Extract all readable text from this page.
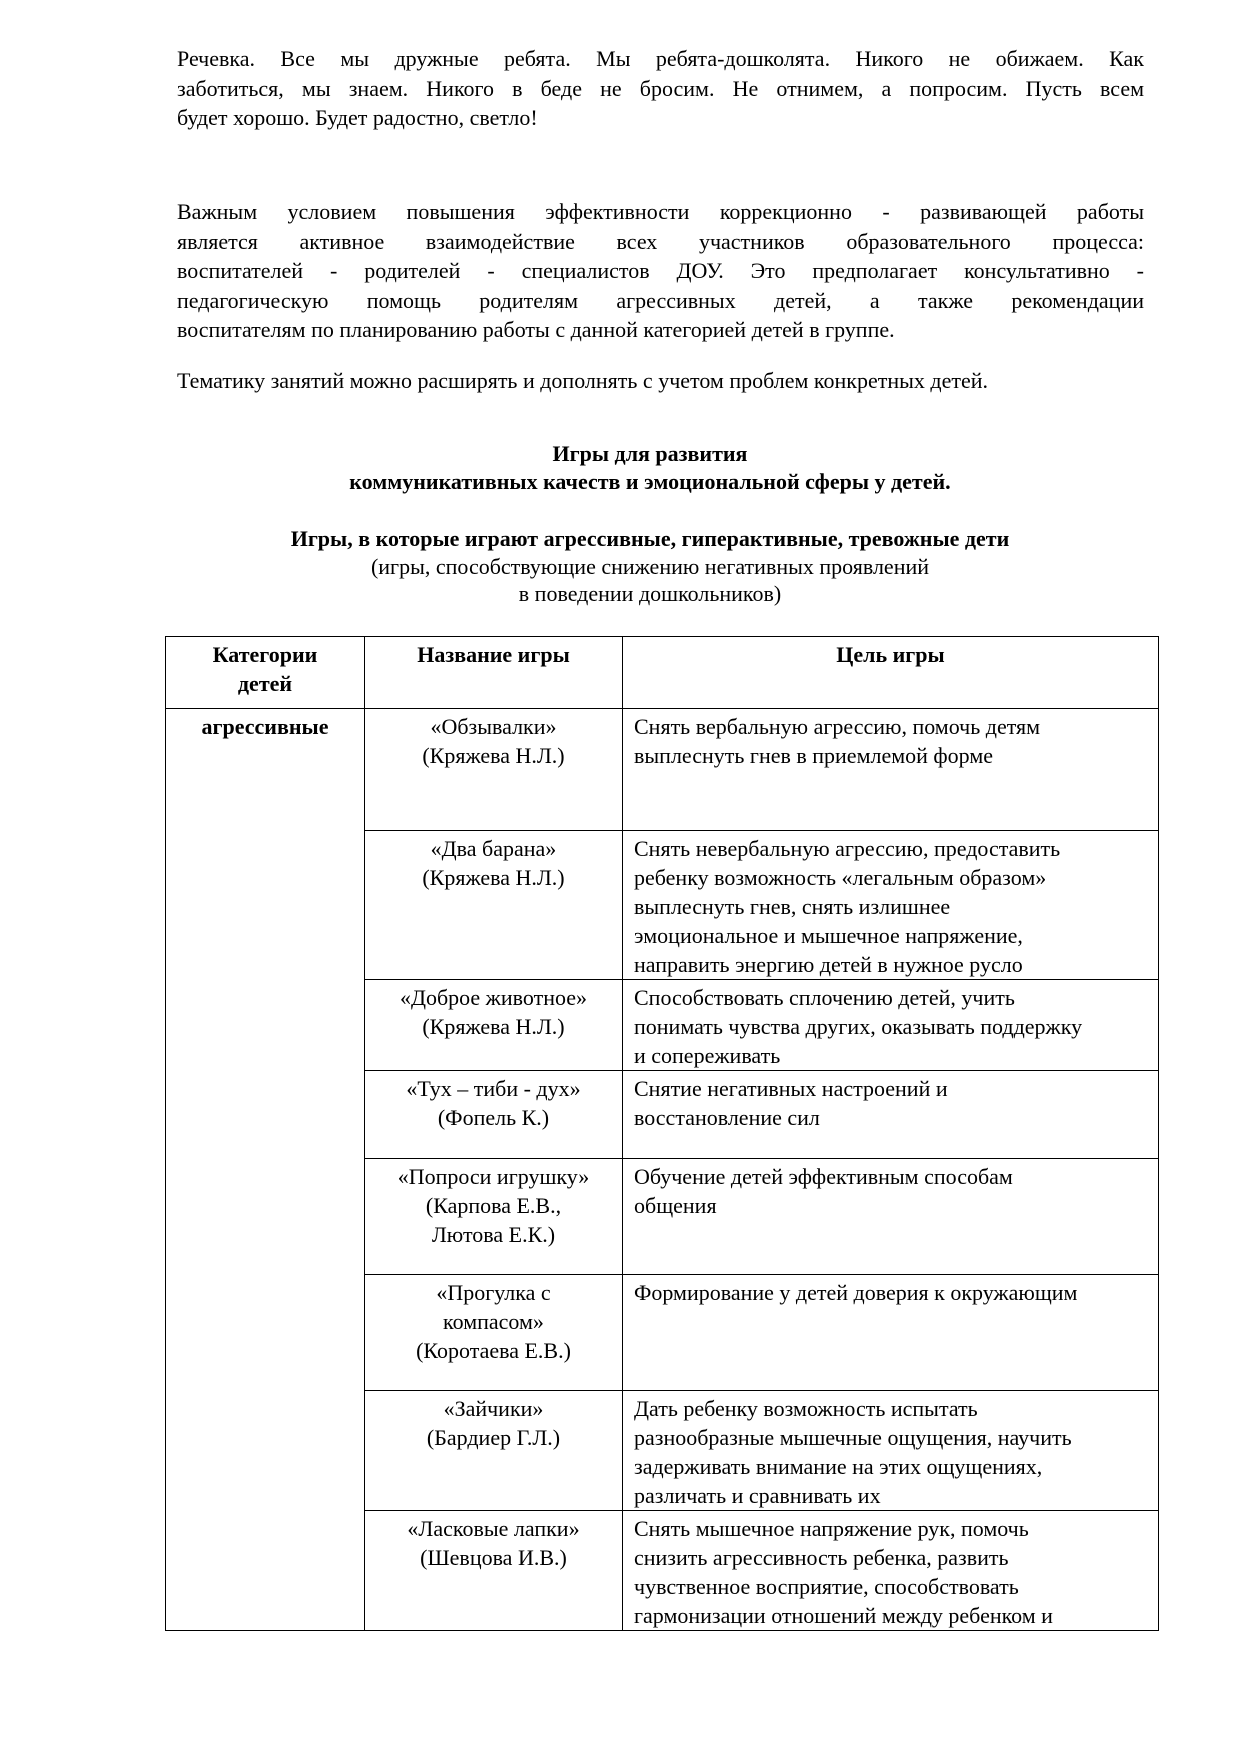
Речевка. Все мы дружные ребята. Мы ребята-дошколята. Никого не обижаем. Как
заботиться, мы знаем. Никого в беде не бросим. Не отнимем, а попросим. Пусть всем
будет хорошо. Будет радостно, светло!

Важным условием повышения эффективности коррекционно - развивающей работы
является активное взаимодействие всех участников образовательного процесса:
воспитателей - родителей - специалистов ДОУ. Это предполагает консультативно -
педагогическую помощь родителям агрессивных детей, а также рекомендации
воспитателям по планированию работы с данной категорией детей в группе.

Тематику занятий можно расширять и дополнять с учетом проблем конкретных детей.

Игры для развития
коммуникативных качеств и эмоциональной сферы у детей.
Игры, в которые играют агрессивные, гиперактивные, тревожные дети
(игры, способствующие снижению негативных проявлений
в поведении дошкольников)
Категории
детей	Название игры	Цель игры
агрессивные	«Обзывалки»
(Кряжева Н.Л.)	Снять вербальную агрессию, помочь детям
выплеснуть гнев в приемлемой форме

	«Два барана»
(Кряжева Н.Л.)	Снять невербальную агрессию, предоставить
ребенку возможность «легальным образом»
выплеснуть гнев, снять излишнее
эмоциональное и мышечное напряжение,
направить энергию детей в нужное русло

	«Доброе животное»
(Кряжева Н.Л.)	Способствовать сплочению детей, учить
понимать чувства других, оказывать поддержку
и сопереживать

	«Тух – тиби - дух»
(Фопель К.)	Снятие негативных настроений и
восстановление сил

	«Попроси игрушку»
(Карпова Е.В.,
Лютова Е.К.)	Обучение детей эффективным способам
общения

	«Прогулка с
компасом»
(Коротаева Е.В.)	Формирование у детей доверия к окружающим

	«Зайчики»
(Бардиер Г.Л.)	Дать ребенку возможность испытать
разнообразные мышечные ощущения, научить
задерживать внимание на этих ощущениях,
различать и сравнивать их

	«Ласковые лапки»
(Шевцова И.В.)	Снять мышечное напряжение рук, помочь
снизить агрессивность ребенка, развить
чувственное восприятие, способствовать
гармонизации отношений между ребенком и
